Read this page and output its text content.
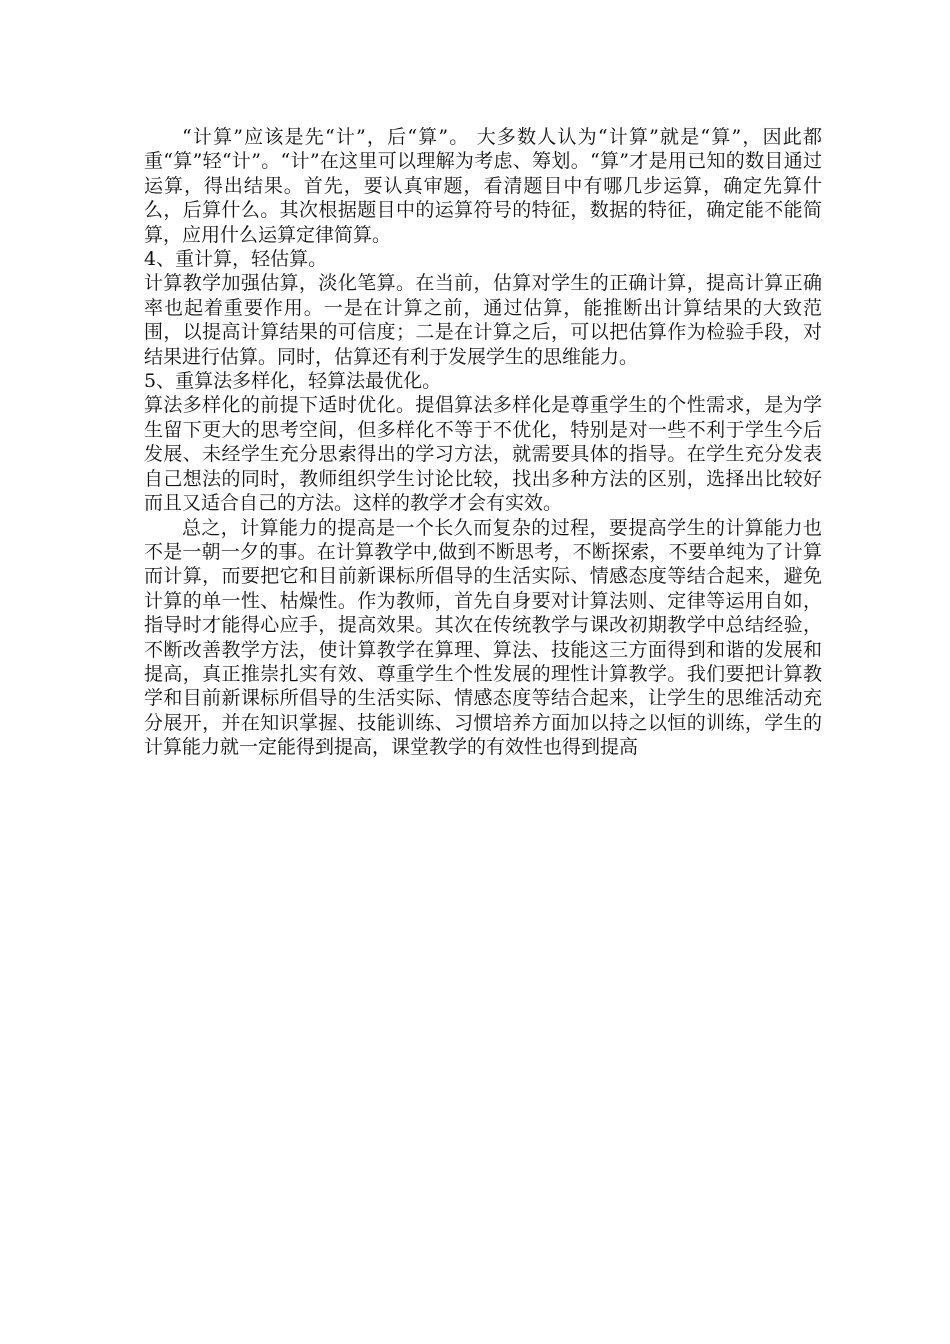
“计算”应该是先“计”，后“算”。 大多数人认为“计算”就是“算”，因此都重“算”轻“计”。“计”在这里可以理解为考虑、筹划。“算”才是用已知的数目通过运算，得出结果。首先，要认真审题，看清题目中有哪几步运算，确定先算什么，后算什么。其次根据题目中的运算符号的特征，数据的特征，确定能不能简算，应用什么运算定律简算。

4、重计算，轻估算。

计算教学加强估算，淡化笔算。在当前，估算对学生的正确计算，提高计算正确率也起着重要作用。一是在计算之前，通过估算，能推断出计算结果的大致范围，以提高计算结果的可信度；二是在计算之后，可以把估算作为检验手段，对结果进行估算。同时，估算还有利于发展学生的思维能力。

5、重算法多样化，轻算法最优化。

算法多样化的前提下适时优化。提倡算法多样化是尊重学生的个性需求，是为学生留下更大的思考空间，但多样化不等于不优化，特别是对一些不利于学生今后发展、未经学生充分思索得出的学习方法，就需要具体的指导。在学生充分发表自己想法的同时，教师组织学生讨论比较，找出多种方法的区别，选择出比较好而且又适合自己的方法。这样的教学才会有实效。

总之，计算能力的提高是一个长久而复杂的过程，要提高学生的计算能力也不是一朝一夕的事。在计算教学中,做到不断思考，不断探索，不要单纯为了计算而计算，而要把它和目前新课标所倡导的生活实际、情感态度等结合起来，避免计算的单一性、枯燥性。作为教师，首先自身要对计算法则、定律等运用自如，指导时才能得心应手，提高效果。其次在传统教学与课改初期教学中总结经验，不断改善教学方法，使计算教学在算理、算法、技能这三方面得到和谐的发展和提高，真正推崇扎实有效、尊重学生个性发展的理性计算教学。我们要把计算教学和目前新课标所倡导的生活实际、情感态度等结合起来，让学生的思维活动充分展开，并在知识掌握、技能训练、习惯培养方面加以持之以恒的训练，学生的计算能力就一定能得到提高，课堂教学的有效性也得到提高
